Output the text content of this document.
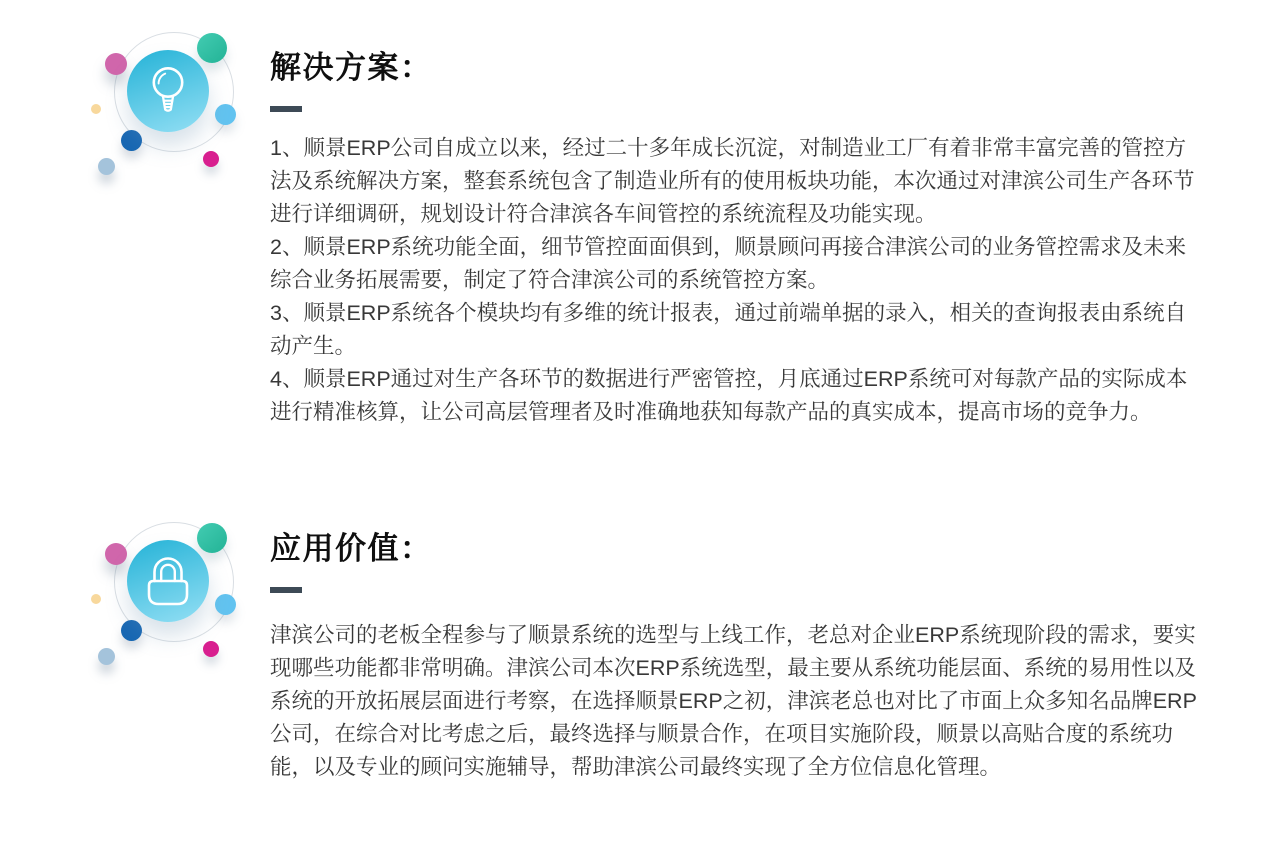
解决方案：

1、顺景ERP公司自成立以来，经过二十多年成长沉淀，对制造业工厂有着非常丰富完善的管控方法及系统解决方案，整套系统包含了制造业所有的使用板块功能，本次通过对津滨公司生产各环节进行详细调研，规划设计符合津滨各车间管控的系统流程及功能实现。

2、顺景ERP系统功能全面，细节管控面面俱到，顺景顾问再接合津滨公司的业务管控需求及未来综合业务拓展需要，制定了符合津滨公司的系统管控方案。

3、顺景ERP系统各个模块均有多维的统计报表，通过前端单据的录入，相关的查询报表由系统自动产生。

4、顺景ERP通过对生产各环节的数据进行严密管控，月底通过ERP系统可对每款产品的实际成本进行精准核算，让公司高层管理者及时准确地获知每款产品的真实成本，提高市场的竞争力。

应用价值：

津滨公司的老板全程参与了顺景系统的选型与上线工作，老总对企业ERP系统现阶段的需求，要实现哪些功能都非常明确。津滨公司本次ERP系统选型，最主要从系统功能层面、系统的易用性以及系统的开放拓展层面进行考察，在选择顺景ERP之初，津滨老总也对比了市面上众多知名品牌ERP公司，在综合对比考虑之后，最终选择与顺景合作，在项目实施阶段，顺景以高贴合度的系统功能，以及专业的顾问实施辅导，帮助津滨公司最终实现了全方位信息化管理。
